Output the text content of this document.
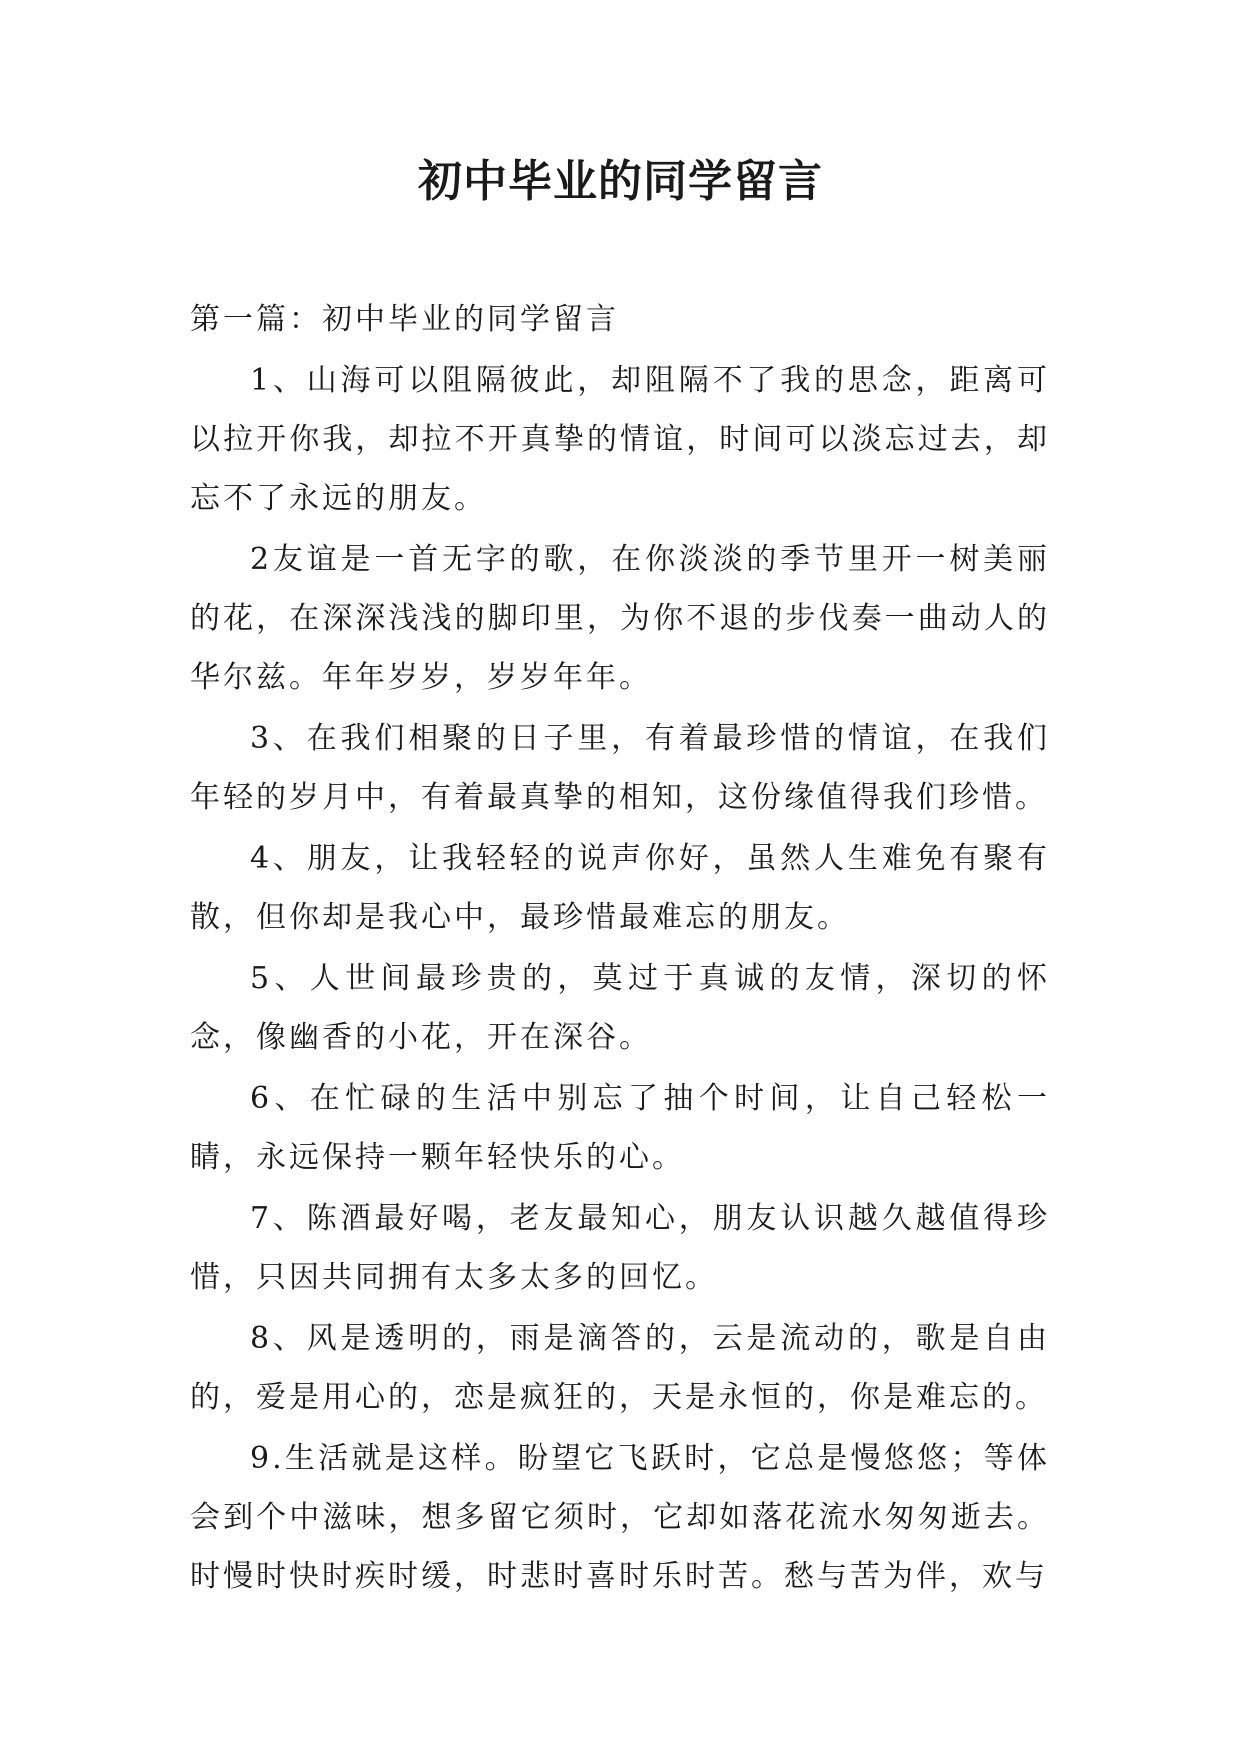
初中毕业的同学留言
第一篇：初中毕业的同学留言

1、山海可以阻隔彼此，却阻隔不了我的思念，距离可以拉开你我，却拉不开真挚的情谊，时间可以淡忘过去，却忘不了永远的朋友。

2友谊是一首无字的歌，在你淡淡的季节里开一树美丽的花，在深深浅浅的脚印里，为你不退的步伐奏一曲动人的华尔兹。年年岁岁，岁岁年年。

3、在我们相聚的日子里，有着最珍惜的情谊，在我们年轻的岁月中，有着最真挚的相知，这份缘值得我们珍惜。

4、朋友，让我轻轻的说声你好，虽然人生难免有聚有散，但你却是我心中，最珍惜最难忘的朋友。

5、人世间最珍贵的，莫过于真诚的友情，深切的怀念，像幽香的小花，开在深谷。

6、在忙碌的生活中别忘了抽个时间，让自己轻松一睛，永远保持一颗年轻快乐的心。

7、陈酒最好喝，老友最知心，朋友认识越久越值得珍惜，只因共同拥有太多太多的回忆。

8、风是透明的，雨是滴答的，云是流动的，歌是自由的，爱是用心的，恋是疯狂的，天是永恒的，你是难忘的。

9.生活就是这样。盼望它飞跃时，它总是慢悠悠；等体会到个中滋味，想多留它须时，它却如落花流水匆匆逝去。时慢时快时疾时缓，时悲时喜时乐时苦。愁与苦为伴，欢与
